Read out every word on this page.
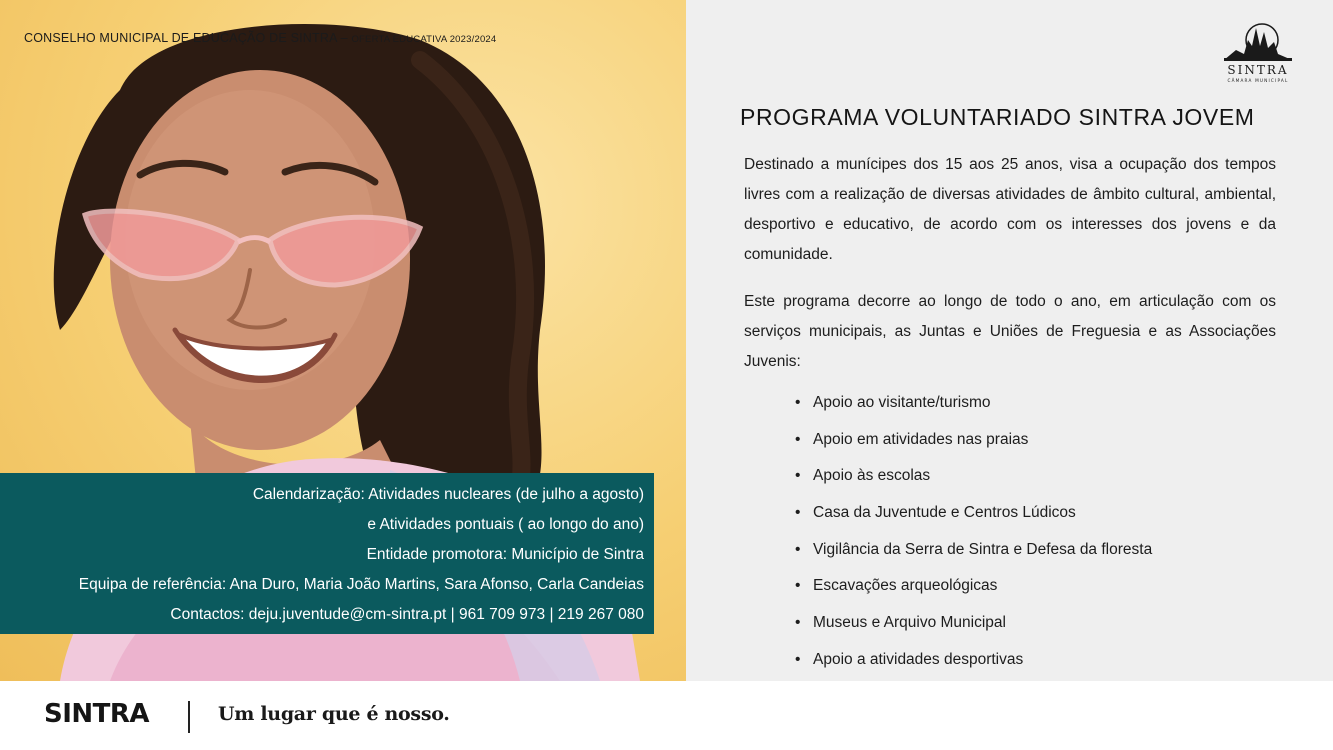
CONSELHO MUNICIPAL DE EDUCAÇÃO DE SINTRA – OFERTA EDUCATIVA 2023/2024
Calendarização: Atividades nucleares (de julho a agosto)
e Atividades pontuais ( ao longo do ano)
Entidade promotora: Município de Sintra
Equipa de referência: Ana Duro, Maria João Martins, Sara Afonso, Carla Candeias
Contactos: deju.juventude@cm-sintra.pt | 961 709 973 | 219 267 080
SINTRA
CÂMARA MUNICIPAL
PROGRAMA VOLUNTARIADO SINTRA JOVEM

Destinado a munícipes dos 15 aos 25 anos, visa a ocupação dos tempos livres com a realização de diversas atividades de âmbito cultural, ambiental, desportivo e educativo, de acordo com os interesses dos jovens e da comunidade.

Este programa decorre ao longo de todo o ano, em articulação com os serviços municipais, as Juntas e Uniões de Freguesia e as Associações Juvenis:

• Apoio ao visitante/turismo
• Apoio em atividades nas praias
• Apoio às escolas
• Casa da Juventude e Centros Lúdicos
• Vigilância da Serra de Sintra e Defesa da floresta
• Escavações arqueológicas
• Museus e Arquivo Municipal
• Apoio a atividades desportivas
SINTRA	Um lugar que é nosso.
